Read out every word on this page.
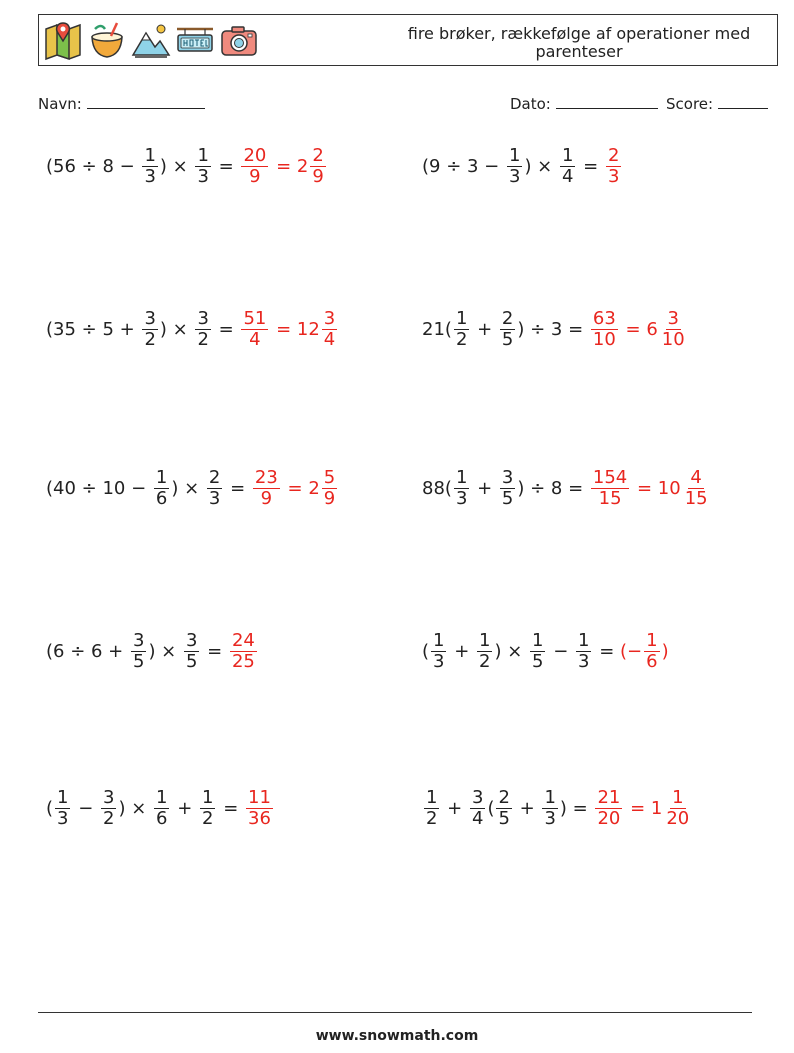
fire brøker, rækkefølge af operationer med parenteser
Navn:	Dato:	Score:
($56 \div 8 - \frac{1}{3}$ ) × $\frac{1}{3} = \frac{20}{9} = 2 \frac{2}{9}$	($9 \div 3 - \frac{1}{3}$ ) × $\frac{1}{4} = \frac{2}{3}$
($35 \div 5 + \frac{3}{2}$ ) × $\frac{3}{2} = \frac{51}{4} = 12 \frac{3}{4}$	$21( \frac{1}{2} + \frac{2}{5}$ ) ÷ $3 = \frac{63}{10} = 6 \frac{3}{10}$
($40 \div 10 - \frac{1}{6}$ ) × $\frac{2}{3} = \frac{23}{9} = 2 \frac{5}{9}$	$88( \frac{1}{3} + \frac{3}{5}$ ) ÷ $8 = \frac{154}{15} = 10 \frac{4}{15}$
($6 \div 6 + \frac{3}{5}$ ) × $\frac{3}{5} = \frac{24}{25}$	( $\frac{1}{3} + \frac{1}{2}$ ) × $\frac{1}{5} - \frac{1}{3}$ = (− $\frac{1}{6}$ )
( $\frac{1}{3} - \frac{3}{2}$ ) × $\frac{1}{6} + \frac{1}{2} = \frac{11}{36}$	$\frac{1}{2} + \frac{3}{4}$ ( $\frac{2}{5} + \frac{1}{3}$ ) = $\frac{21}{20} = 1 \frac{1}{20}$
www.snowmath.com
